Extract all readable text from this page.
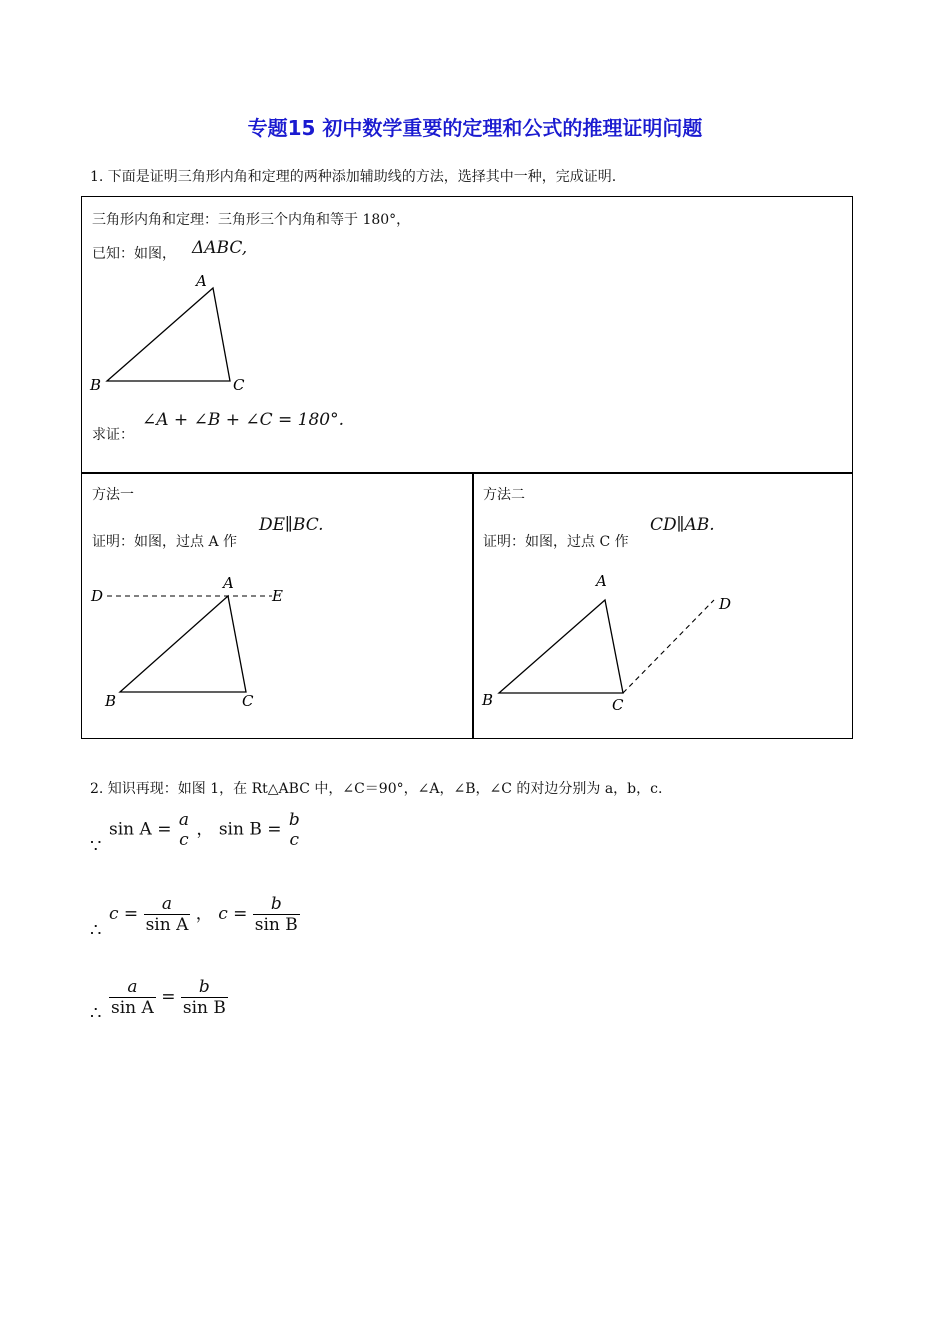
专题15 初中数学重要的定理和公式的推理证明问题
1. 下面是证明三角形内角和定理的两种添加辅助线的方法，选择其中一种，完成证明.
三角形内角和定理：三角形三个内角和等于 180°，
已知：如图， ΔABC,
A
B	C
求证：
∠A + ∠B + ∠C = 180°.
方法一
证明：如图，过点 A 作
DE∥BC.
D	E
A
B	C
方法二
证明：如图，过点 C 作
CD∥AB.
A
B	C
D
2. 知识再现：如图 1，在 Rt△ABC 中，∠C＝90°，∠A，∠B，∠C 的对边分别为 a，b，c.
∵
sin A = a
c
， sin B = b
c
∴
$c = \frac{a}{\text{sin A}}$ ， $c = \frac{b}{\text{sin B}}$
∴ $\frac{a}{\text{sin A}} = \frac{b}{\text{sin B}}$
